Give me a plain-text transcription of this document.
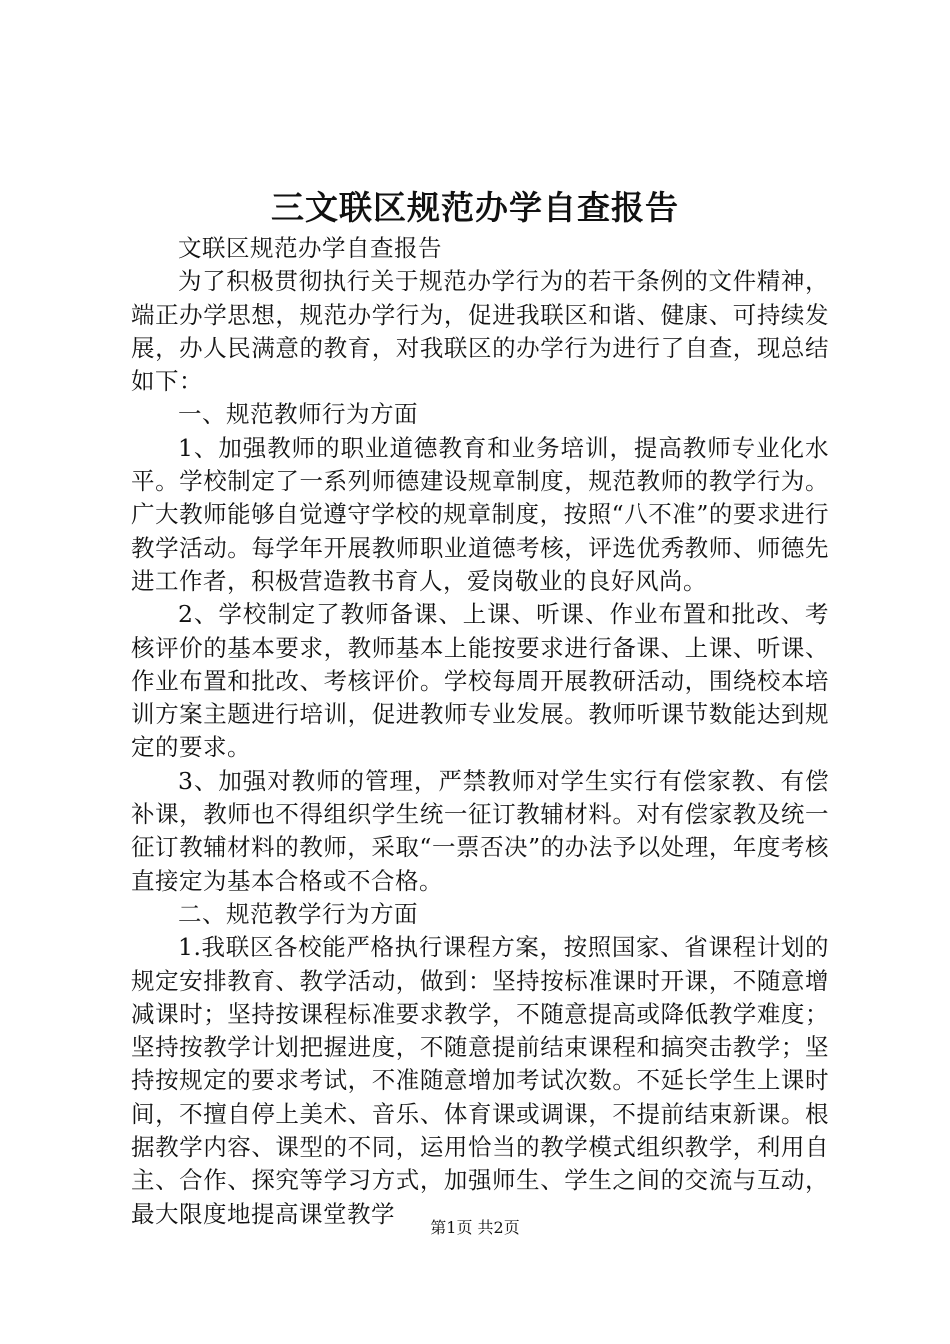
三文联区规范办学自查报告

文联区规范办学自查报告

为了积极贯彻执行关于规范办学行为的若干条例的文件精神，端正办学思想，规范办学行为，促进我联区和谐、健康、可持续发展，办人民满意的教育，对我联区的办学行为进行了自查，现总结如下：

一、规范教师行为方面

1、加强教师的职业道德教育和业务培训，提高教师专业化水平。学校制定了一系列师德建设规章制度，规范教师的教学行为。广大教师能够自觉遵守学校的规章制度，按照“八不准”的要求进行教学活动。每学年开展教师职业道德考核，评选优秀教师、师德先进工作者，积极营造教书育人，爱岗敬业的良好风尚。

2、学校制定了教师备课、上课、听课、作业布置和批改、考核评价的基本要求，教师基本上能按要求进行备课、上课、听课、作业布置和批改、考核评价。学校每周开展教研活动，围绕校本培训方案主题进行培训，促进教师专业发展。教师听课节数能达到规定的要求。

3、加强对教师的管理，严禁教师对学生实行有偿家教、有偿补课，教师也不得组织学生统一征订教辅材料。对有偿家教及统一征订教辅材料的教师，采取“一票否决”的办法予以处理，年度考核直接定为基本合格或不合格。

二、规范教学行为方面

1.我联区各校能严格执行课程方案，按照国家、省课程计划的规定安排教育、教学活动，做到：坚持按标准课时开课，不随意增减课时；坚持按课程标准要求教学，不随意提高或降低教学难度；坚持按教学计划把握进度，不随意提前结束课程和搞突击教学；坚持按规定的要求考试，不准随意增加考试次数。不延长学生上课时间，不擅自停上美术、音乐、体育课或调课，不提前结束新课。根据教学内容、课型的不同，运用恰当的教学模式组织教学，利用自主、合作、探究等学习方式，加强师生、学生之间的交流与互动，最大限度地提高课堂教学	第1页 共2页
